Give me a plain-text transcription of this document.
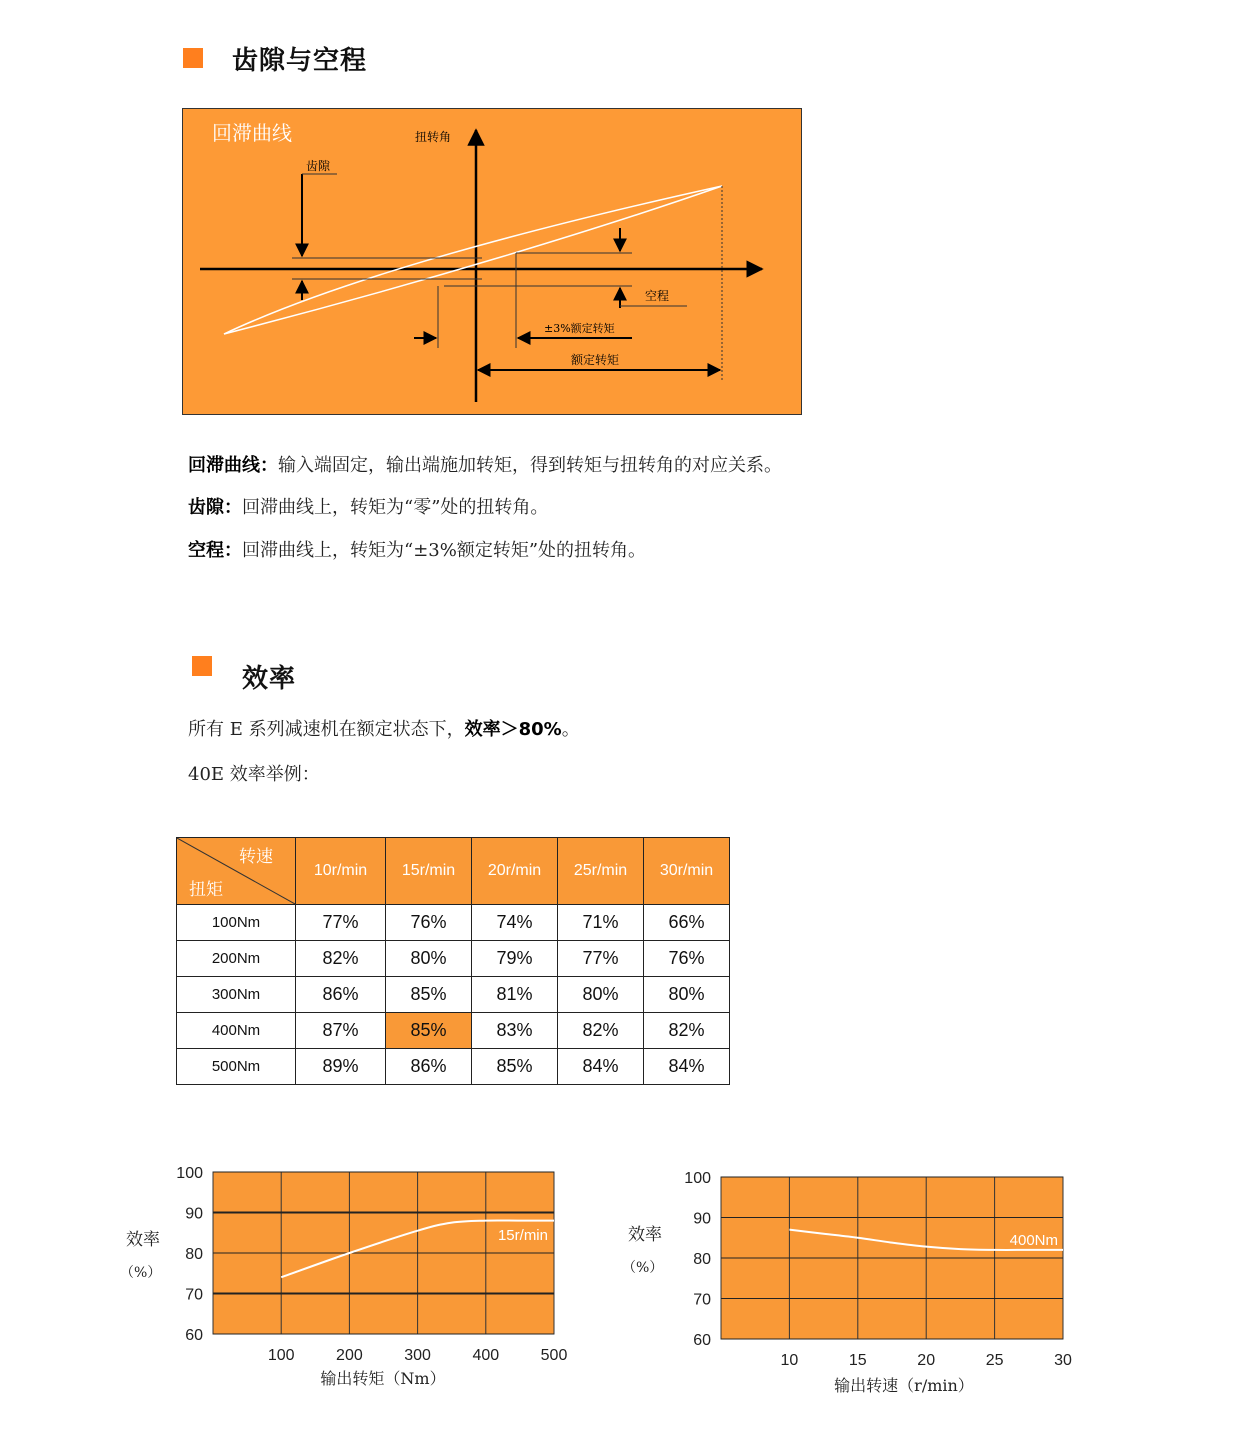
齿隙与空程
回滞曲线	扭转角
齿隙
空程
±3%额定转矩
额定转矩
回滞曲线：输入端固定，输出端施加转矩，得到转矩与扭转角的对应关系。
齿隙：回滞曲线上，转矩为“零”处的扭转角。
空程：回滞曲线上，转矩为“±3%额定转矩”处的扭转角。
效率
所有 E 系列减速机在额定状态下，效率＞80%。
40E 效率举例：
转速
扭矩	10r/min	15r/min	20r/min	25r/min	30r/min
100Nm	77%	76%	74%	71%	66%
200Nm	82%	80%	79%	77%	76%
300Nm	86%	85%	81%	80%	80%
400Nm	87%	85%	83%	82%	82%
500Nm	89%	86%	85%	84%	84%
100
90
80
70
60
100	200	300	400	500
效率
（%）
输出转矩（Nm）
15r/min
100
90
80
70
60
10	15	20	25	30
效率
（%）
输出转速（r/min）
400Nm
